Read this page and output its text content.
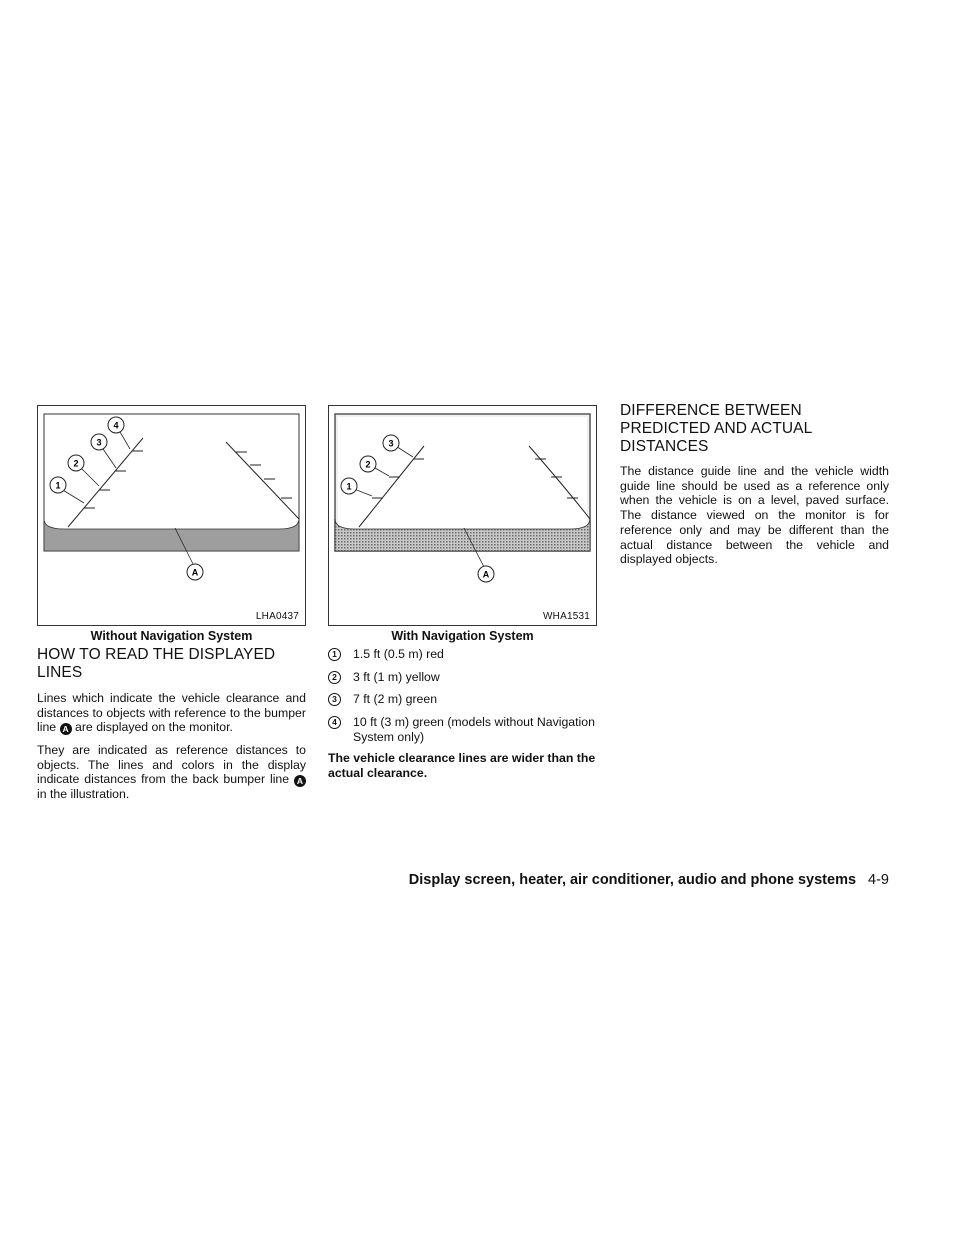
1
2
3
4
A
LHA0437
Without Navigation System
1
2
3
A
WHA1531
With Navigation System
HOW TO READ THE DISPLAYED LINES

Lines which indicate the vehicle clearance and distances to objects with reference to the bumper line A are displayed on the monitor.

They are indicated as reference distances to objects. The lines and colors in the display indicate distances from the back bumper line A in the illustration.

1	1.5 ft (0.5 m) red
2	3 ft (1 m) yellow
3	7 ft (2 m) green
4	10 ft (3 m) green (models without Navigation System only)

The vehicle clearance lines are wider than the actual clearance.

DIFFERENCE BETWEEN PREDICTED AND ACTUAL DISTANCES

The distance guide line and the vehicle width guide line should be used as a reference only when the vehicle is on a level, paved surface. The distance viewed on the monitor is for reference only and may be different than the actual distance between the vehicle and displayed objects.

Display screen, heater, air conditioner, audio and phone systems 4-9
